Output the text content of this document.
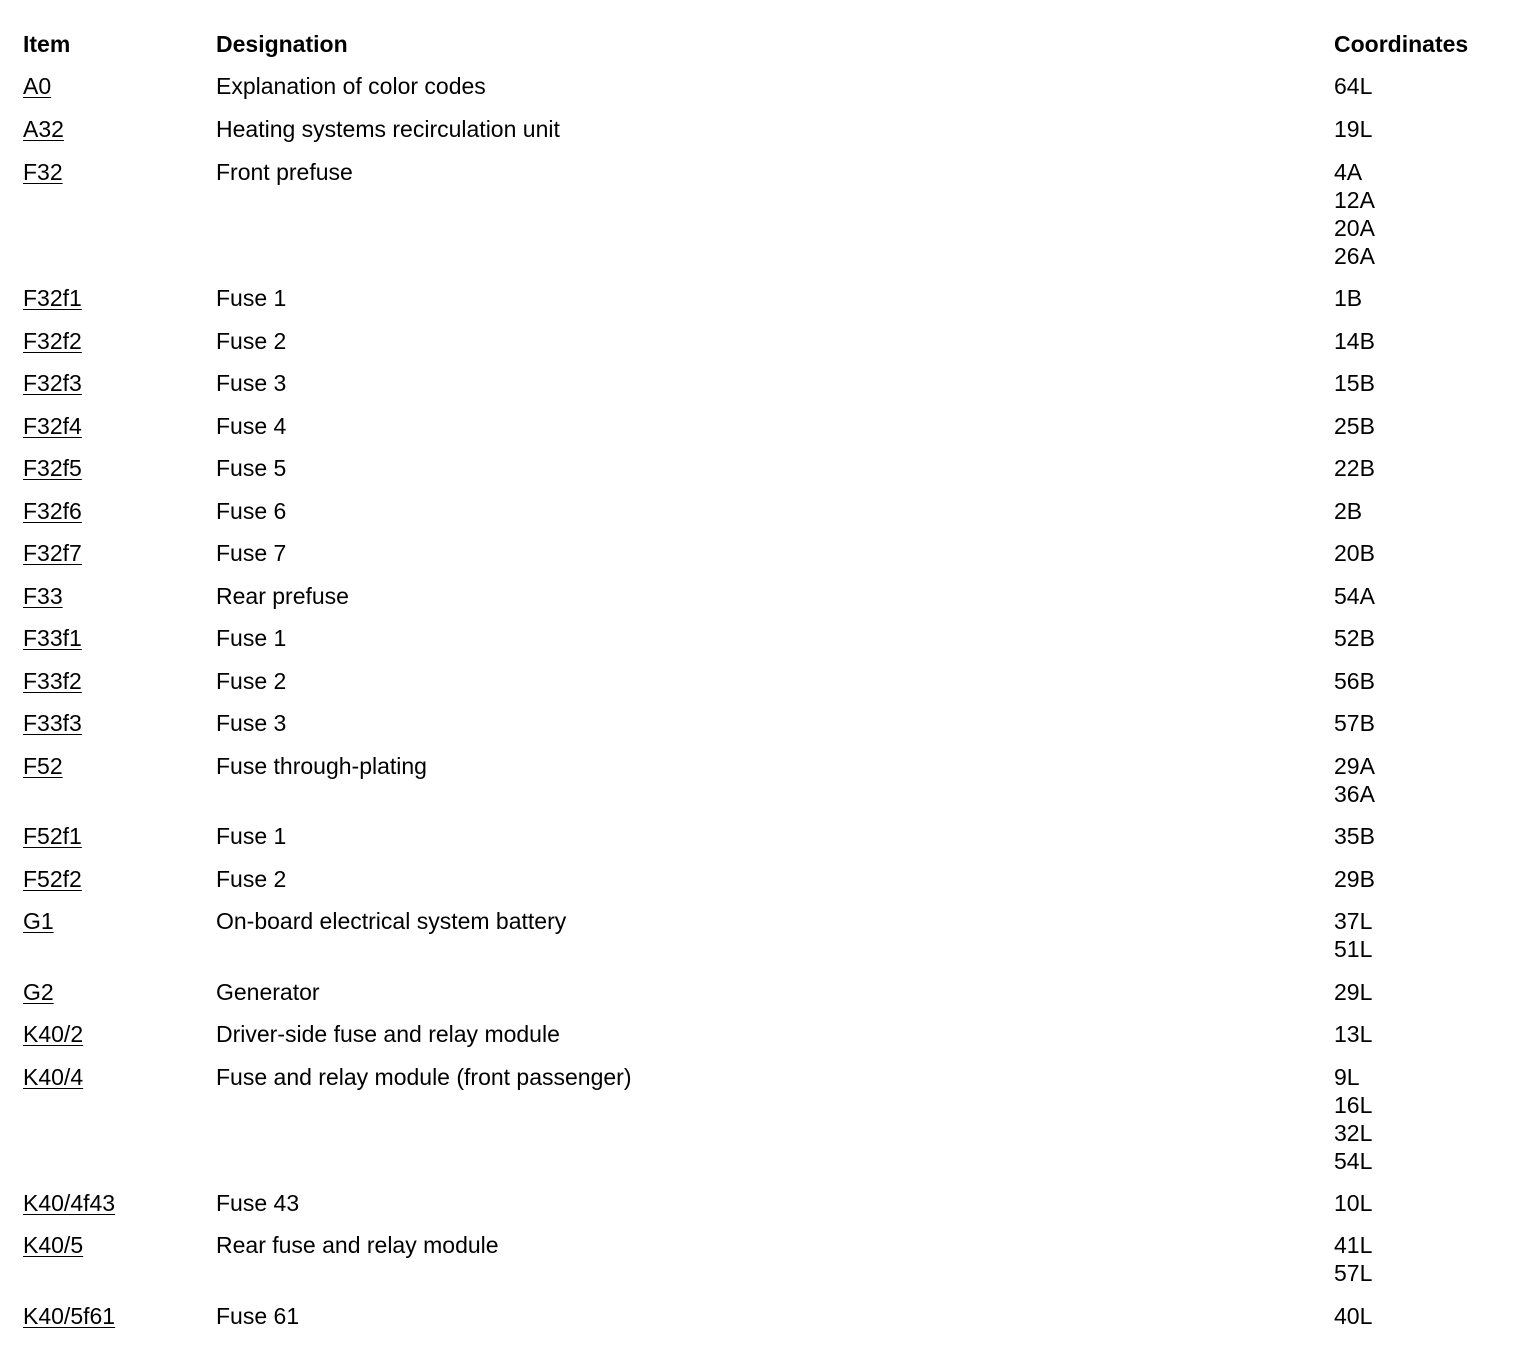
Item	Designation	Coordinates
A0	Explanation of color codes	64L
A32	Heating systems recirculation unit	19L
F32	Front prefuse	4A
12A
20A
26A
F32f1	Fuse 1	1B
F32f2	Fuse 2	14B
F32f3	Fuse 3	15B
F32f4	Fuse 4	25B
F32f5	Fuse 5	22B
F32f6	Fuse 6	2B
F32f7	Fuse 7	20B
F33	Rear prefuse	54A
F33f1	Fuse 1	52B
F33f2	Fuse 2	56B
F33f3	Fuse 3	57B
F52	Fuse through-plating	29A
36A
F52f1	Fuse 1	35B
F52f2	Fuse 2	29B
G1	On-board electrical system battery	37L
51L
G2	Generator	29L
K40/2	Driver-side fuse and relay module	13L
K40/4	Fuse and relay module (front passenger)	9L
16L
32L
54L
K40/4f43	Fuse 43	10L
K40/5	Rear fuse and relay module	41L
57L
K40/5f61	Fuse 61	40L
